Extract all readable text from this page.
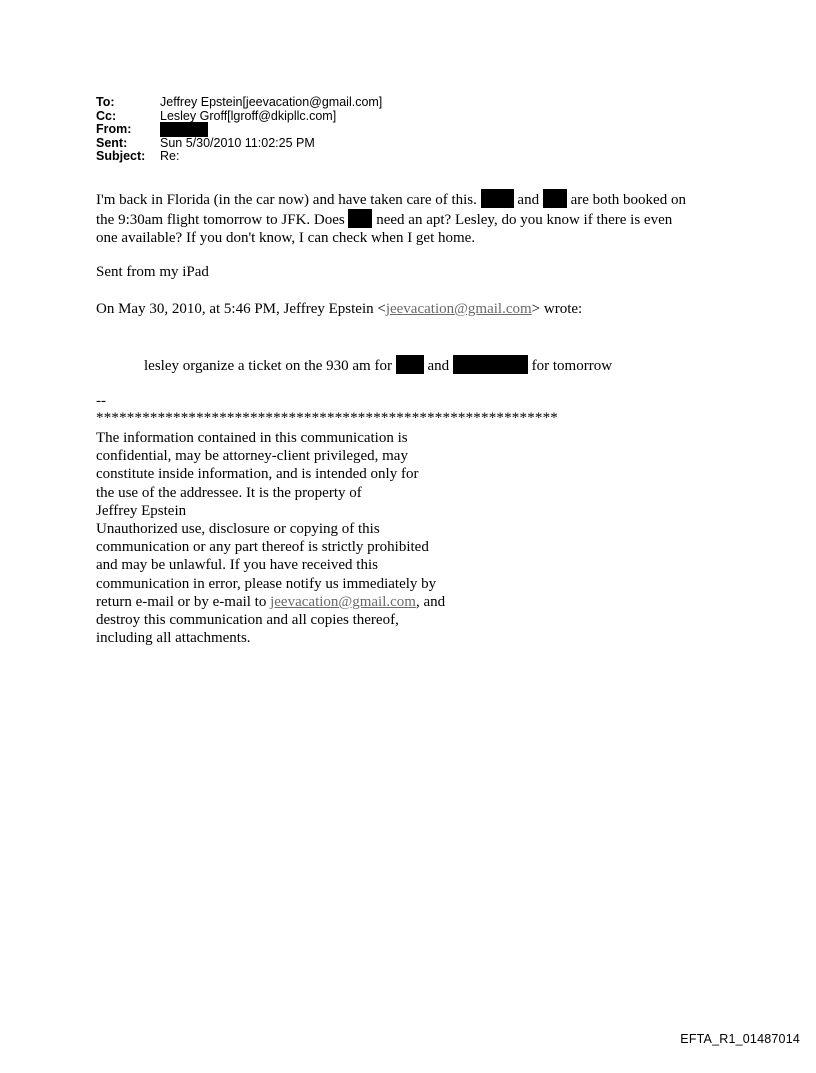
To:	Jeffrey Epstein[jeevacation@gmail.com]
Cc:	Lesley Groff[lgroff@dkipllc.com]
From:
Sent:	Sun 5/30/2010 11:02:25 PM
Subject:	Re:
I'm back in Florida (in the car now) and have taken care of this.	and are both booked on
the 9:30am flight tomorrow to JFK. Does need an apt? Lesley, do you know if there is even
one available? If you don't know, I can check when I get home.
Sent from my iPad
On May 30, 2010, at 5:46 PM, Jeffrey Epstein <jeevacation@gmail.com> wrote:
lesley organize a ticket on the 930 am for and	for tomorrow
--
************************************************************
The information contained in this communication is
confidential, may be attorney-client privileged, may
constitute inside information, and is intended only for
the use of the addressee. It is the property of
Jeffrey Epstein
Unauthorized use, disclosure or copying of this
communication or any part thereof is strictly prohibited
and may be unlawful. If you have received this
communication in error, please notify us immediately by
return e-mail or by e-mail to jeevacation@gmail.com, and
destroy this communication and all copies thereof,
including all attachments.
EFTA_R1_01487014
